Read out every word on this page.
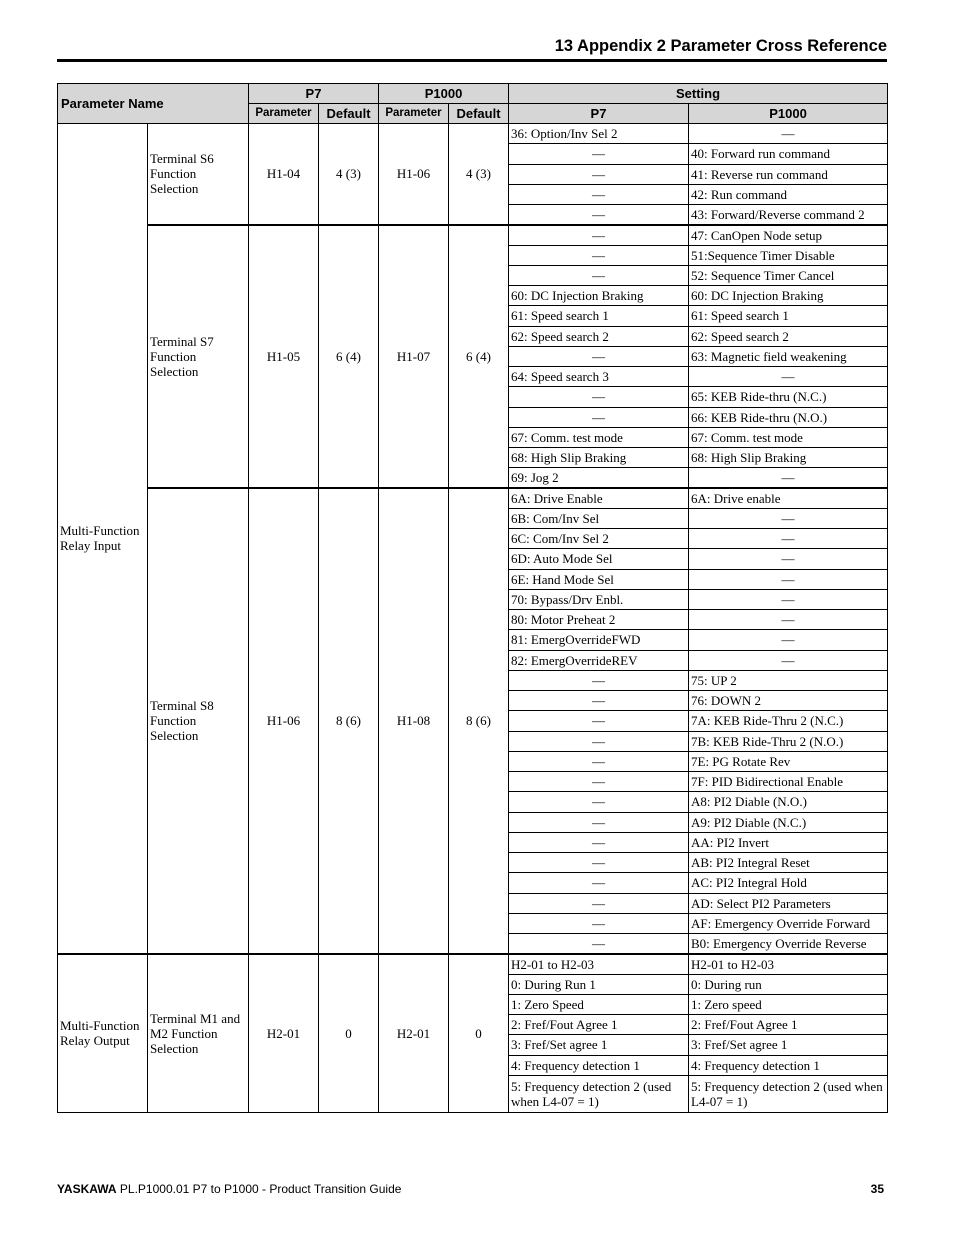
13 Appendix 2 Parameter Cross Reference
Parameter Name		P7		P1000		Setting	
		Parameter	Default	Parameter	Default	P7	P1000
Multi-Function Relay Input	Terminal S6 Function Selection	H1-04	4 (3)	H1-06	4 (3)	36: Option/Inv Sel 2	—
						—	40: Forward run command
						—	41: Reverse run command
						—	42: Run command
						—	43: Forward/Reverse command 2
	Terminal S7 Function Selection	H1-05	6 (4)	H1-07	6 (4)	—	47: CanOpen Node setup
						—	51:Sequence Timer Disable
						—	52: Sequence Timer Cancel
						60: DC Injection Braking	60: DC Injection Braking
						61: Speed search 1	61: Speed search 1
						62: Speed search 2	62: Speed search 2
						—	63: Magnetic field weakening
						64: Speed search 3	—
						—	65: KEB Ride-thru (N.C.)
						—	66: KEB Ride-thru (N.O.)
						67: Comm. test mode	67: Comm. test mode
						68: High Slip Braking	68: High Slip Braking
						69: Jog 2	—
	Terminal S8 Function Selection	H1-06	8 (6)	H1-08	8 (6)	6A: Drive Enable	6A: Drive enable
						6B: Com/Inv Sel	—
						6C: Com/Inv Sel 2	—
						6D: Auto Mode Sel	—
						6E: Hand Mode Sel	—
						70: Bypass/Drv Enbl.	—
						80: Motor Preheat 2	—
						81: EmergOverrideFWD	—
						82: EmergOverrideREV	—
						—	75: UP 2
						—	76: DOWN 2
						—	7A: KEB Ride-Thru 2 (N.C.)
						—	7B: KEB Ride-Thru 2 (N.O.)
						—	7E: PG Rotate Rev
						—	7F: PID Bidirectional Enable
						—	A8: PI2 Diable (N.O.)
						—	A9: PI2 Diable (N.C.)
						—	AA: PI2 Invert
						—	AB: PI2 Integral Reset
						—	AC: PI2 Integral Hold
						—	AD: Select PI2 Parameters
						—	AF: Emergency Override Forward
						—	B0: Emergency Override Reverse
Multi-Function Relay Output	Terminal M1 and M2 Function Selection	H2-01	0	H2-01	0	H2-01 to H2-03	H2-01 to H2-03
						0: During Run 1	0: During run
						1: Zero Speed	1: Zero speed
						2: Fref/Fout Agree 1	2: Fref/Fout Agree 1
						3: Fref/Set agree 1	3: Fref/Set agree 1
						4: Frequency detection 1	4: Frequency detection 1
						5: Frequency detection 2 (used when L4-07 = 1)	5: Frequency detection 2 (used when L4-07 = 1)
YASKAWA PL.P1000.01 P7 to P1000 - Product Transition Guide	35
